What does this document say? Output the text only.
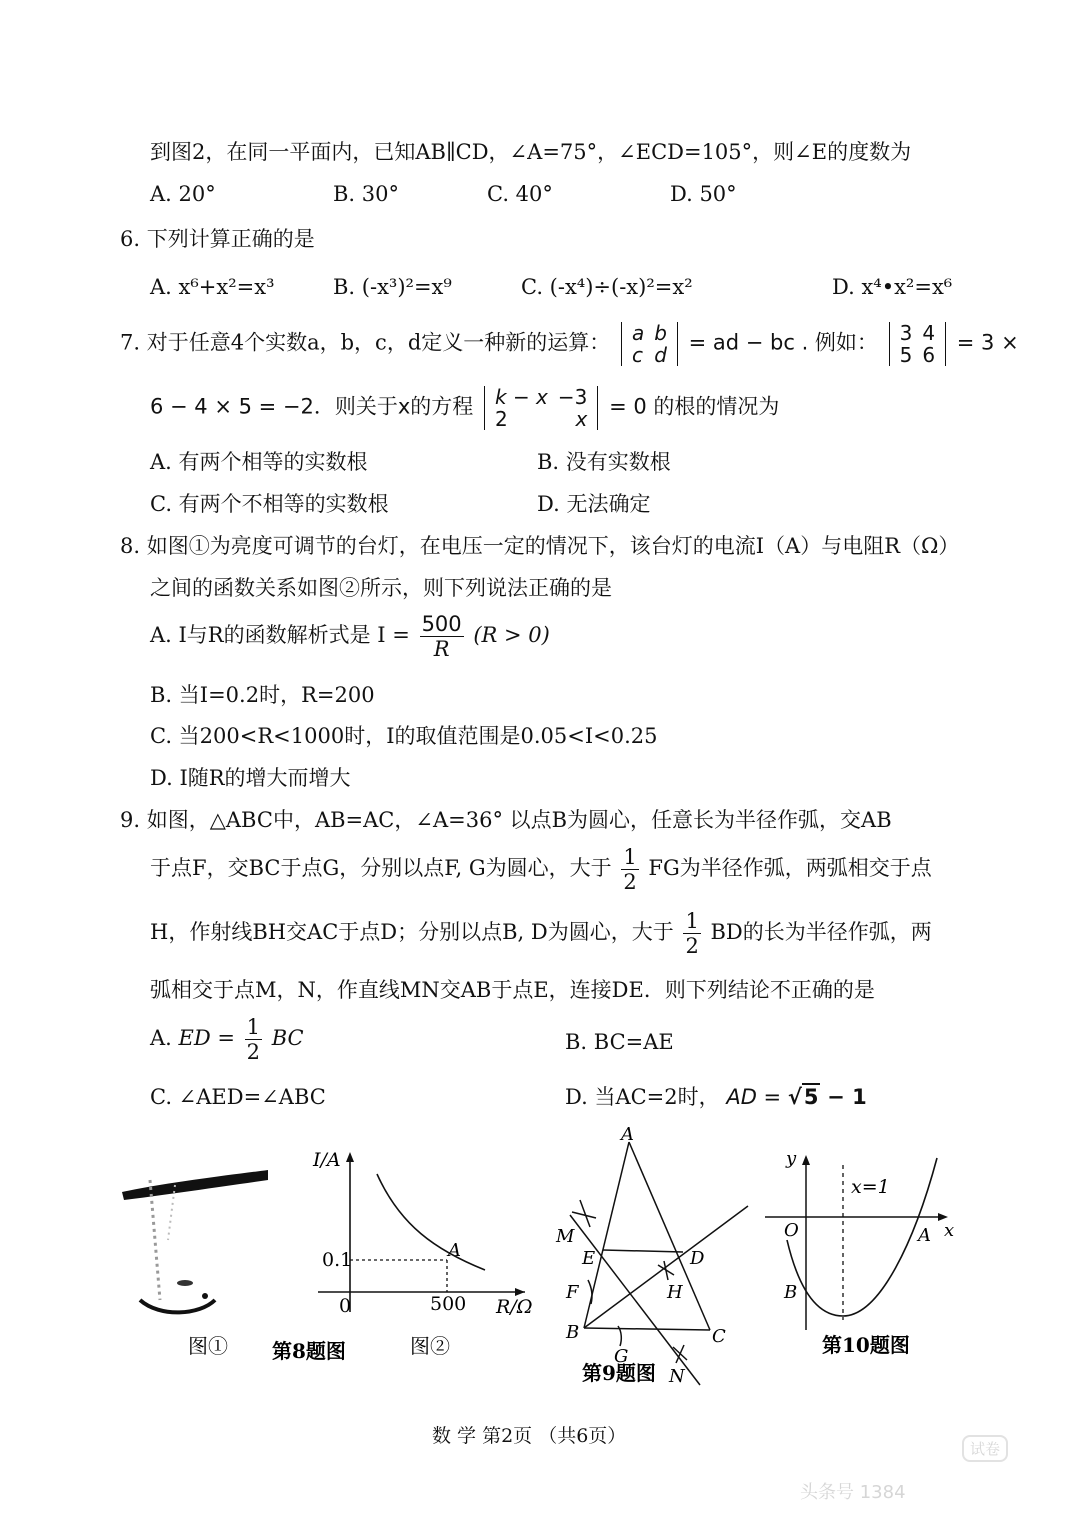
到图2，在同一平面内，已知AB∥CD，∠A=75°，∠ECD=105°，则∠E的度数为
A. 20°	B. 30°	C. 40°	D. 50°
6. 下列计算正确的是
A. x⁶+x²=x³	B. (-x³)²=x⁹	C. (-x⁴)÷(-x)²=x²	D. x⁴•x²=x⁶
7. 对于任意4个实数a，b，c，d定义一种新的运算： a	b
c	d
= ad − bc . 例如： 3	4
5	6
= 3 ×
6 − 4 × 5 = −2．则关于x的方程 k − x	−3
2	x
= 0 的根的情况为
A. 有两个相等的实数根	B. 没有实数根
C. 有两个不相等的实数根	D. 无法确定
8. 如图①为亮度可调节的台灯，在电压一定的情况下，该台灯的电流I（A）与电阻R（Ω）
之间的函数关系如图②所示，则下列说法正确的是
A. I与R的函数解析式是 $I = \frac{500}{R} (R > 0)$
B. 当I=0.2时，R=200
C. 当200<R<1000时，I的取值范围是0.05<I<0.25
D. I随R的增大而增大
9. 如图，△ABC中，AB=AC，∠A=36° 以点B为圆心，任意长为半径作弧，交AB
于点F，交BC于点G，分别以点F, G为圆心，大于 $\frac{1}{2}$ FG为半径作弧，两弧相交于点
H，作射线BH交AC于点D；分别以点B, D为圆心，大于 $\frac{1}{2}$ BD的长为半径作弧，两
弧相交于点M，N，作直线MN交AB于点E，连接DE．则下列结论不正确的是
A. ED = $\frac{1}{2}$ BC	B. BC=AE
C. ∠AED=∠ABC	D. 当AC=2时， AD = √5 − 1
图① 第8题图	图②
I/A
0.1	A
0	500 R/Ω
A
M
E	D
F	H
B
G
C
N
第9题图
y
x=1
x
O	A
B
第10题图
数 学 第2页 （共6页）
试卷
头条号 1384
